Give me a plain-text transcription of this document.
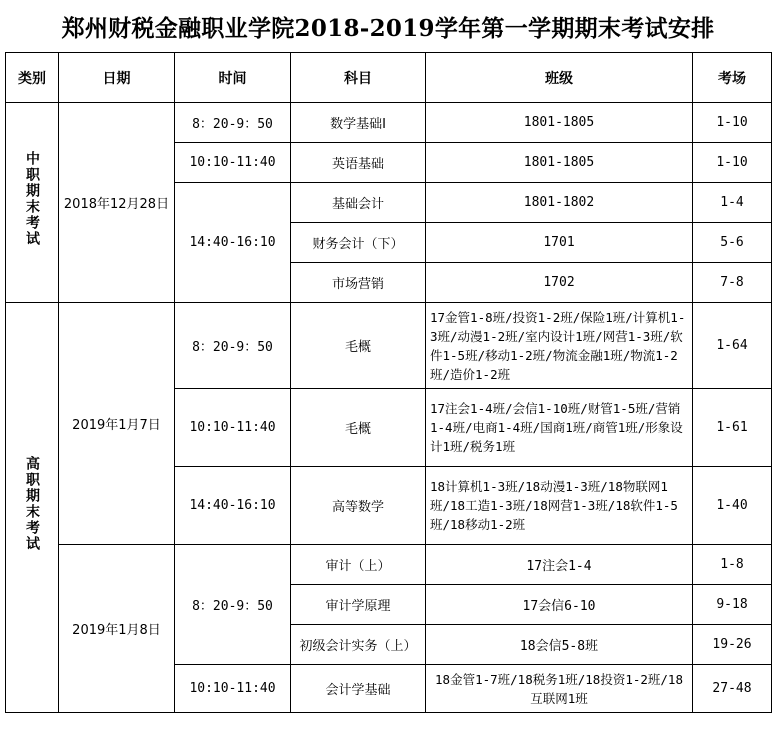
郑州财税金融职业学院2018-2019学年第一学期期末考试安排
类别	日期	时间	科目	班级	考场
中职期末考试	2018年12月28日	8：20-9：50	数学基础Ⅰ	1801-1805	1-10
		10:10-11:40	英语基础	1801-1805	1-10
		14:40-16:10	基础会计	1801-1802	1-4
			财务会计（下）	1701	5-6
			市场营销	1702	7-8
高职期末考试	2019年1月7日	8：20-9：50	毛概	17金管1-8班/投资1-2班/保险1班/计算机1-3班/动漫1-2班/室内设计1班/网营1-3班/软件1-5班/移动1-2班/物流金融1班/物流1-2班/造价1-2班	1-64
		10:10-11:40	毛概	17注会1-4班/会信1-10班/财管1-5班/营销1-4班/电商1-4班/国商1班/商管1班/形象设计1班/税务1班	1-61
		14:40-16:10	高等数学	18计算机1-3班/18动漫1-3班/18物联网1班/18工造1-3班/18网营1-3班/18软件1-5班/18移动1-2班	1-40
	2019年1月8日	8：20-9：50	审计（上）	17注会1-4	1-8
			审计学原理	17会信6-10	9-18
			初级会计实务（上）	18会信5-8班	19-26
		10:10-11:40	会计学基础	18金管1-7班/18税务1班/18投资1-2班/18互联网1班	27-48
